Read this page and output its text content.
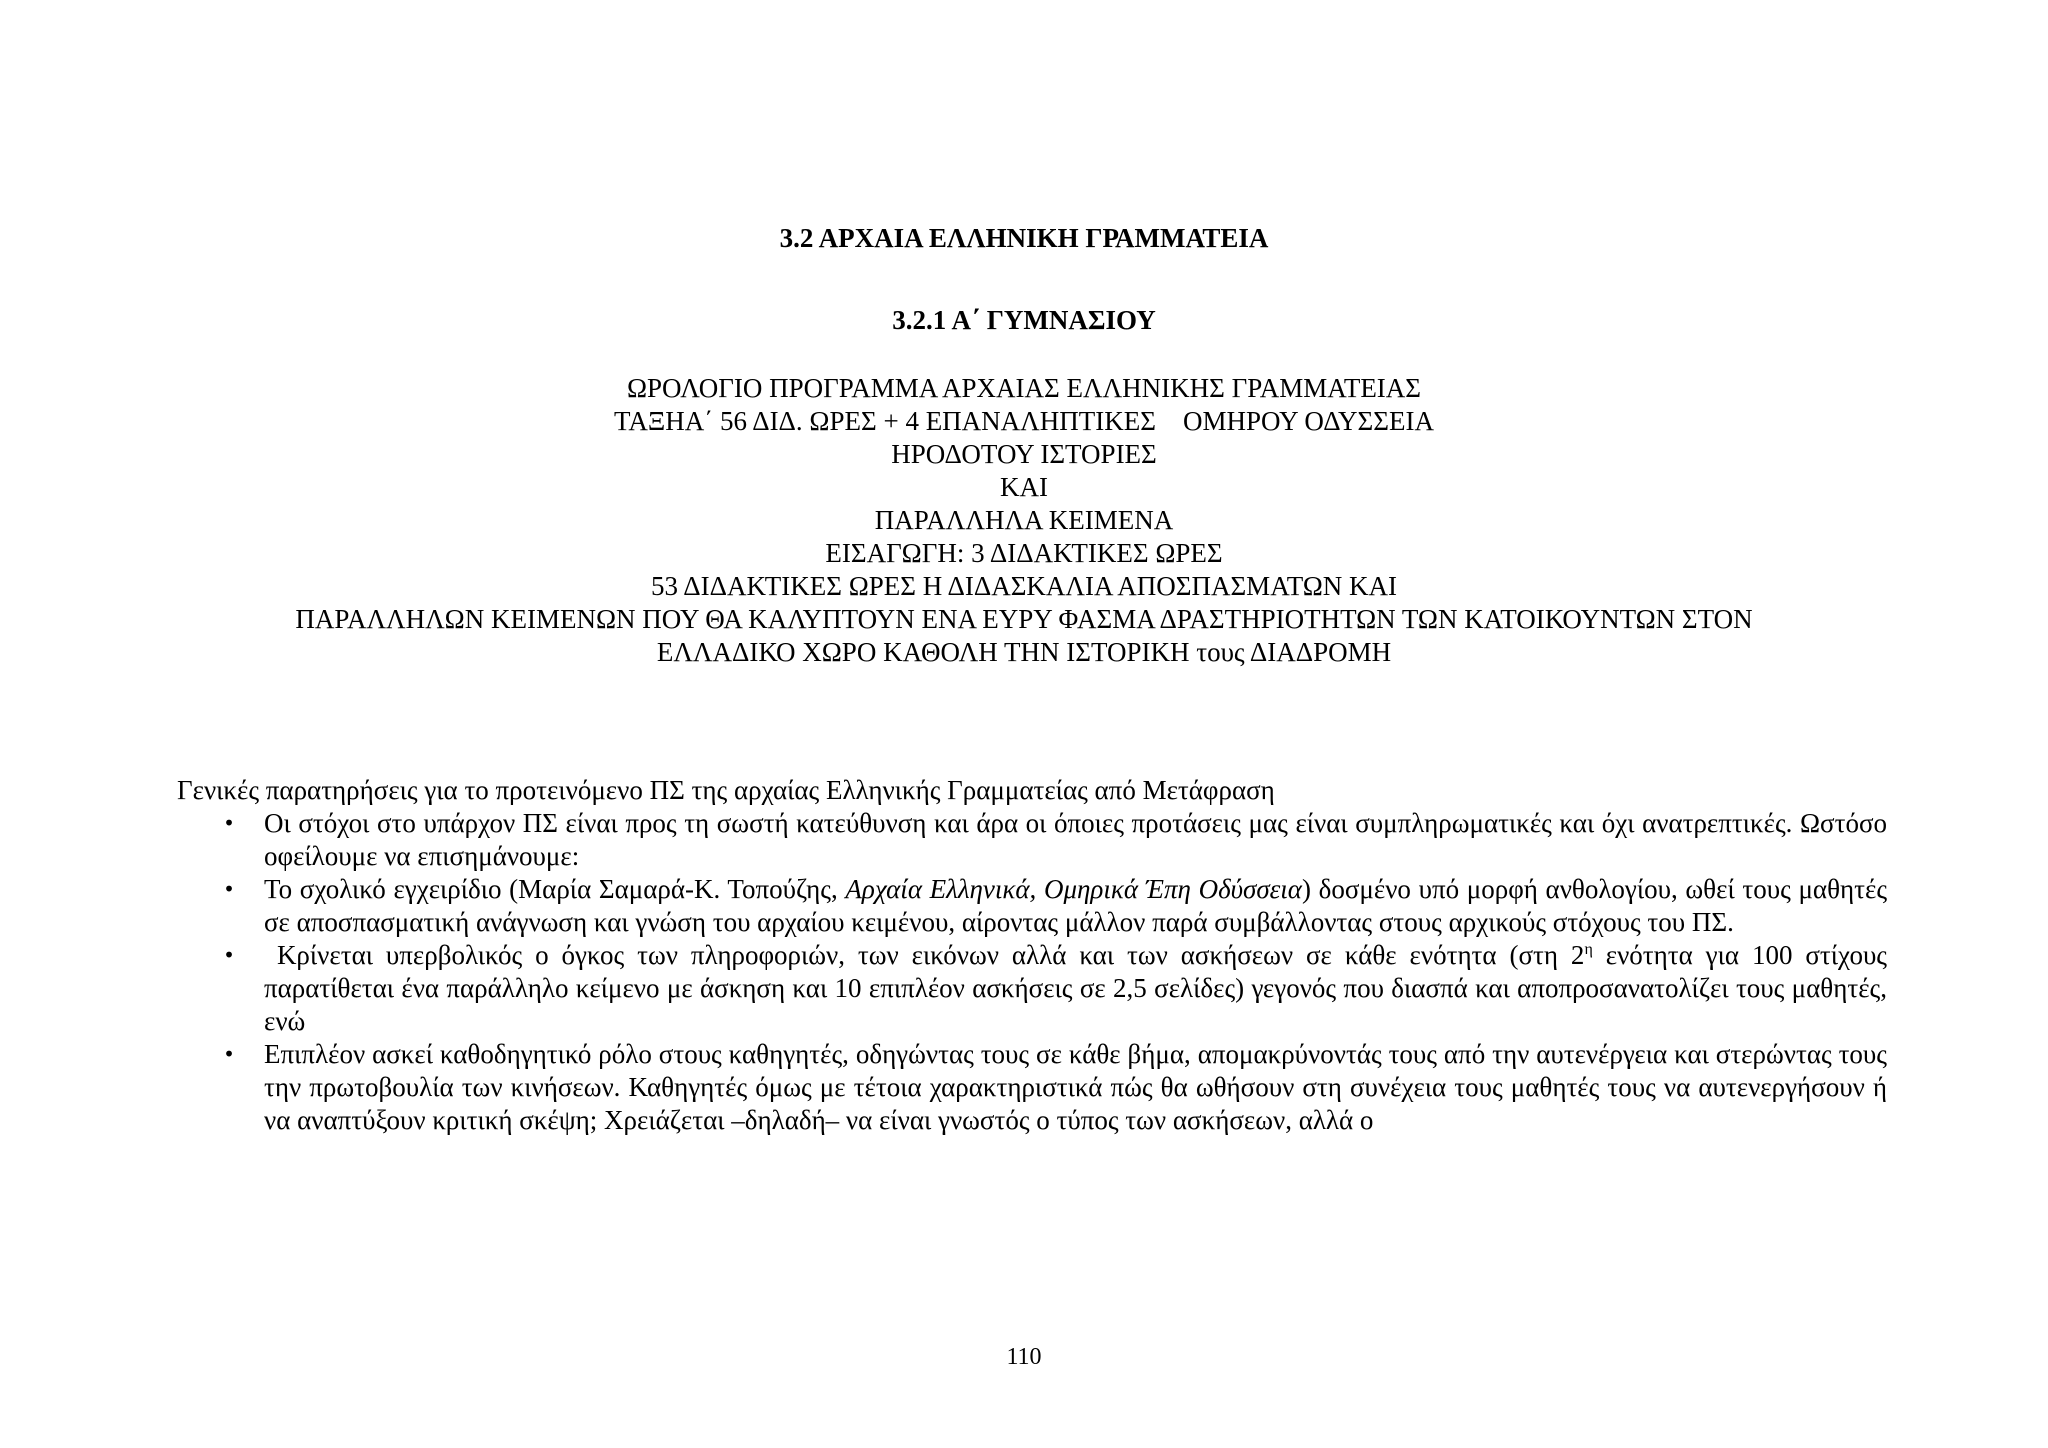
3.2 ΑΡΧΑΙΑ ΕΛΛΗΝΙΚΗ ΓΡΑΜΜΑΤΕΙΑ
3.2.1 Α΄ ΓΥΜΝΑΣΙΟΥ
ΩΡΟΛΟΓΙΟ ΠΡΟΓΡΑΜΜΑ ΑΡΧΑΙΑΣ ΕΛΛΗΝΙΚΗΣ ΓΡΑΜΜΑΤΕΙΑΣ
ΤΑΞΗΑ΄ 56 ΔΙΔ. ΩΡΕΣ + 4 ΕΠΑΝΑΛΗΠΤΙΚΕΣ    ΟΜΗΡΟΥ ΟΔΥΣΣΕΙΑ
ΗΡΟΔΟΤΟΥ ΙΣΤΟΡΙΕΣ
ΚΑΙ
ΠΑΡΑΛΛΗΛΑ ΚΕΙΜΕΝΑ
ΕΙΣΑΓΩΓΗ: 3 ΔΙΔΑΚΤΙΚΕΣ ΩΡΕΣ
53 ΔΙΔΑΚΤΙΚΕΣ ΩΡΕΣ Η ΔΙΔΑΣΚΑΛΙΑ ΑΠΟΣΠΑΣΜΑΤΩΝ ΚΑΙ
ΠΑΡΑΛΛΗΛΩΝ ΚΕΙΜΕΝΩΝ ΠΟΥ ΘΑ ΚΑΛΥΠΤΟΥΝ ΕΝΑ ΕΥΡΥ ΦΑΣΜΑ ΔΡΑΣΤΗΡΙΟΤΗΤΩΝ ΤΩΝ ΚΑΤΟΙΚΟΥΝΤΩΝ ΣΤΟΝ
ΕΛΛΑΔΙΚΟ ΧΩΡΟ ΚΑΘΟΛΗ ΤΗΝ ΙΣΤΟΡΙΚΗ τους ΔΙΑΔΡΟΜΗ

Γενικές παρατηρήσεις για το προτεινόμενο ΠΣ της αρχαίας Ελληνικής Γραμματείας από Μετάφραση

• Οι στόχοι στο υπάρχον ΠΣ είναι προς τη σωστή κατεύθυνση και άρα οι όποιες προτάσεις μας είναι συμπληρωματικές και όχι ανατρεπτικές. Ωστόσο οφείλουμε να επισημάνουμε:
• Το σχολικό εγχειρίδιο (Μαρία Σαμαρά-Κ. Τοπούζης, Αρχαία Ελληνικά, Ομηρικά Έπη Οδύσσεια) δοσμένο υπό μορφή ανθολογίου, ωθεί τους μαθητές σε αποσπασματική ανάγνωση και γνώση του αρχαίου κειμένου, αίροντας μάλλον παρά συμβάλλοντας στους αρχικούς στόχους του ΠΣ.
• Κρίνεται υπερβολικός ο όγκος των πληροφοριών, των εικόνων αλλά και των ασκήσεων σε κάθε ενότητα (στη $2^\eta$ ενότητα για 100 στίχους παρατίθεται ένα παράλληλο κείμενο με άσκηση και 10 επιπλέον ασκήσεις σε 2,5 σελίδες) γεγονός που διασπά και αποπροσανατολίζει τους μαθητές, ενώ
• Επιπλέον ασκεί καθοδηγητικό ρόλο στους καθηγητές, οδηγώντας τους σε κάθε βήμα, απομακρύνοντάς τους από την αυτενέργεια και στερώντας τους την πρωτοβουλία των κινήσεων. Καθηγητές όμως με τέτοια χαρακτηριστικά πώς θα ωθήσουν στη συνέχεια τους μαθητές τους να αυτενεργήσουν ή να αναπτύξουν κριτική σκέψη; Χρειάζεται –δηλαδή– να είναι γνωστός ο τύπος των ασκήσεων, αλλά ο
110
